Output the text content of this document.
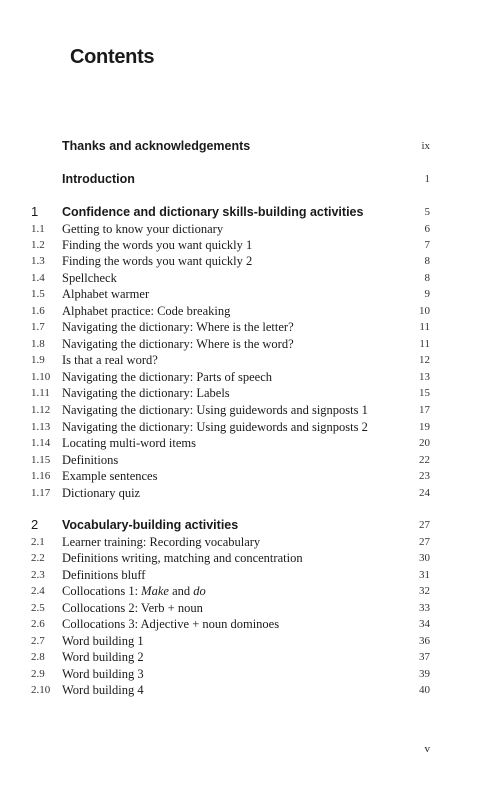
Contents
Thanks and acknowledgements	ix
Introduction	1
1 Confidence and dictionary skills-building activities	5
1.1 Getting to know your dictionary	6
1.2 Finding the words you want quickly 1	7
1.3 Finding the words you want quickly 2	8
1.4 Spellcheck	8
1.5 Alphabet warmer	9
1.6 Alphabet practice: Code breaking	10
1.7 Navigating the dictionary: Where is the letter?	11
1.8 Navigating the dictionary: Where is the word?	11
1.9 Is that a real word?	12
1.10 Navigating the dictionary: Parts of speech	13
1.11 Navigating the dictionary: Labels	15
1.12 Navigating the dictionary: Using guidewords and signposts 1	17
1.13 Navigating the dictionary: Using guidewords and signposts 2	19
1.14 Locating multi-word items	20
1.15 Definitions	22
1.16 Example sentences	23
1.17 Dictionary quiz	24
2 Vocabulary-building activities	27
2.1 Learner training: Recording vocabulary	27
2.2 Definitions writing, matching and concentration	30
2.3 Definitions bluff	31
2.4 Collocations 1: Make and do	32
2.5 Collocations 2: Verb + noun	33
2.6 Collocations 3: Adjective + noun dominoes	34
2.7 Word building 1	36
2.8 Word building 2	37
2.9 Word building 3	39
2.10 Word building 4	40
v
